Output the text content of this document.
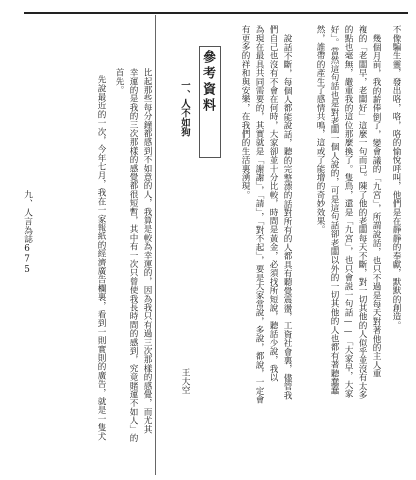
不像騙生靈，發出咯，咯，咯的愉悅呼叫，他們是在靜靜的奉獻，默默的創造。
幾個月前，我的薪俸倒了，變會議的「九宮」，所謂說話，也只不過是每天對著他的主人重
複的「老闆早，老闆好」這麼一句而已。陳了他的老闆每天不斷，對一切其他的人似乎並沒有太多
的點也毫無，嚴重我的這位那麼換了。隻鳥，還是「九宮」，也只會説一句話——「大家早，大家
好」。當然這句話也是對老闆一個人說的，可是這句話卻老闆以外的一切其他的人也都有著聽蠢蠢
然，誰帶的產生了感情共鳴，這或了能增的奇妙效果。
說話不斷，每個人都能說話，聽的完整漂的話對所有的人都具有聽覺震盪，工資社會裏，儘管我
們自己也沒有不會在何時，大家卻並十分比較，時間是黃金，必須找所短說，聽話少說，我以
為現在最具共同需要的，其實就是「謝謝」，「請」，「對不起」，要是大家常說，多說，都說，一定會
有更多的祥和與安樂，在我們的生活裏湧現。
參考資料
一、人不如狗
王大空
比起那些每分鐘都感到不如意的人，我算是較為幸運的，因為我只有過三次那樣的感覺，而尤其
幸運的是我的三次那樣的感覺都很短暫，其中有一次只曾使我長時間的感到，究竟賭運不如人」的
首先。
先說最近的一次，今年七月，我在一家報紙的經濟廣告欄裏，看到一則實則的廣告，就是一隻犬
九、人言為誌
675
